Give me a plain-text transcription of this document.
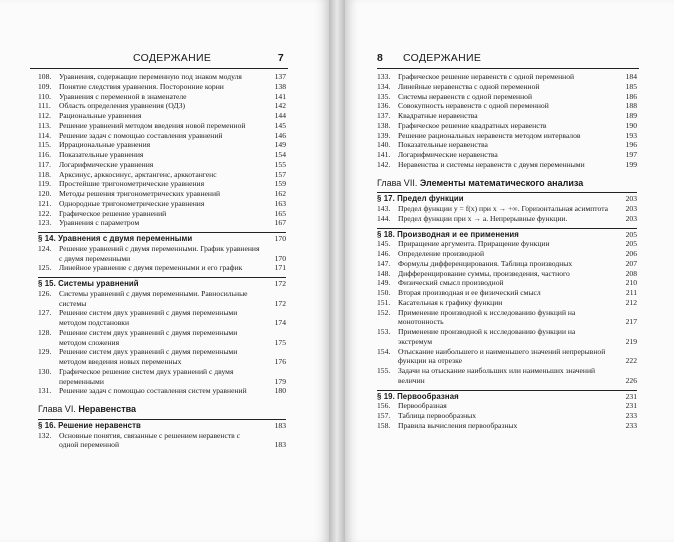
СОДЕРЖАНИЕ	7
108. Уравнения, содержащие переменную под знаком модуля	137
109. Понятие следствия уравнения. Посторонние корни	138
110. Уравнения с переменной в знаменателе	141
111. Область определения уравнения (ОДЗ)	142
112. Рациональные уравнения	144
113. Решение уравнений методом введения новой переменной	145
114. Решение задач с помощью составления уравнений	146
115. Иррациональные уравнения	149
116. Показательные уравнения	154
117. Логарифмические уравнения	155
118. Арксинус, арккосинус, арктангенс, арккотангенс	157
119. Простейшие тригонометрические уравнения	159
120. Методы решения тригонометрических уравнений	162
121. Однородные тригонометрические уравнения	163
122. Графическое решение уравнений	165
123. Уравнения с параметром	167
§ 14. Уравнения с двумя переменными	170
124. Решение уравнений с двумя переменными. График уравнения с двумя переменными	170
125. Линейное уравнение с двумя переменными и его график	171
§ 15. Системы уравнений	172
126. Системы уравнений с двумя переменными. Равносильные системы	172
127. Решение систем двух уравнений с двумя переменными методом подстановки	174
128. Решение систем двух уравнений с двумя переменными методом сложения	175
129. Решение систем двух уравнений с двумя переменными методом введения новых переменных	176
130. Графическое решение систем двух уравнений с двумя переменными	179
131. Решение задач с помощью составления систем уравнений	180
Глава VI. Неравенства
§ 16. Решение неравенств	183
132. Основные понятия, связанные с решением неравенств с одной переменной	183
8 СОДЕРЖАНИЕ
133. Графическое решение неравенств с одной переменной	184
134. Линейные неравенства с одной переменной	185
135. Системы неравенств с одной переменной	186
136. Совокупность неравенств с одной переменной	188
137. Квадратные неравенства	189
138. Графическое решение квадратных неравенств	190
139. Решение рациональных неравенств методом интервалов	193
140. Показательные неравенства	196
141. Логарифмические неравенства	197
142. Неравенства и системы неравенств с двумя переменными	199
Глава VII. Элементы математического анализа
§ 17. Предел функции	203
143. Предел функции y = f(x) при x → +∞. Горизонтальная асимптота	203
144. Предел функции при x → a. Непрерывные функции.	203
§ 18. Производная и ее применения	205
145. Приращение аргумента. Приращение функции	205
146. Определение производной	206
147. Формулы дифференцирования. Таблица производных	207
148. Дифференцирование суммы, произведения, частного	208
149. Физический смысл производной	210
150. Вторая производная и ее физический смысл	211
151. Касательная к графику функции	212
152. Применение производной к исследованию функций на монотонность	217
153. Применение производной к исследованию функции на экстремум	219
154. Отыскание наибольшего и наименьшего значений непрерывной функции на отрезке	222
155. Задачи на отыскание наибольших или наименьших значений величин	226
§ 19. Первообразная	231
156. Первообразная	231
157. Таблица первообразных	233
158. Правила вычисления первообразных	233
